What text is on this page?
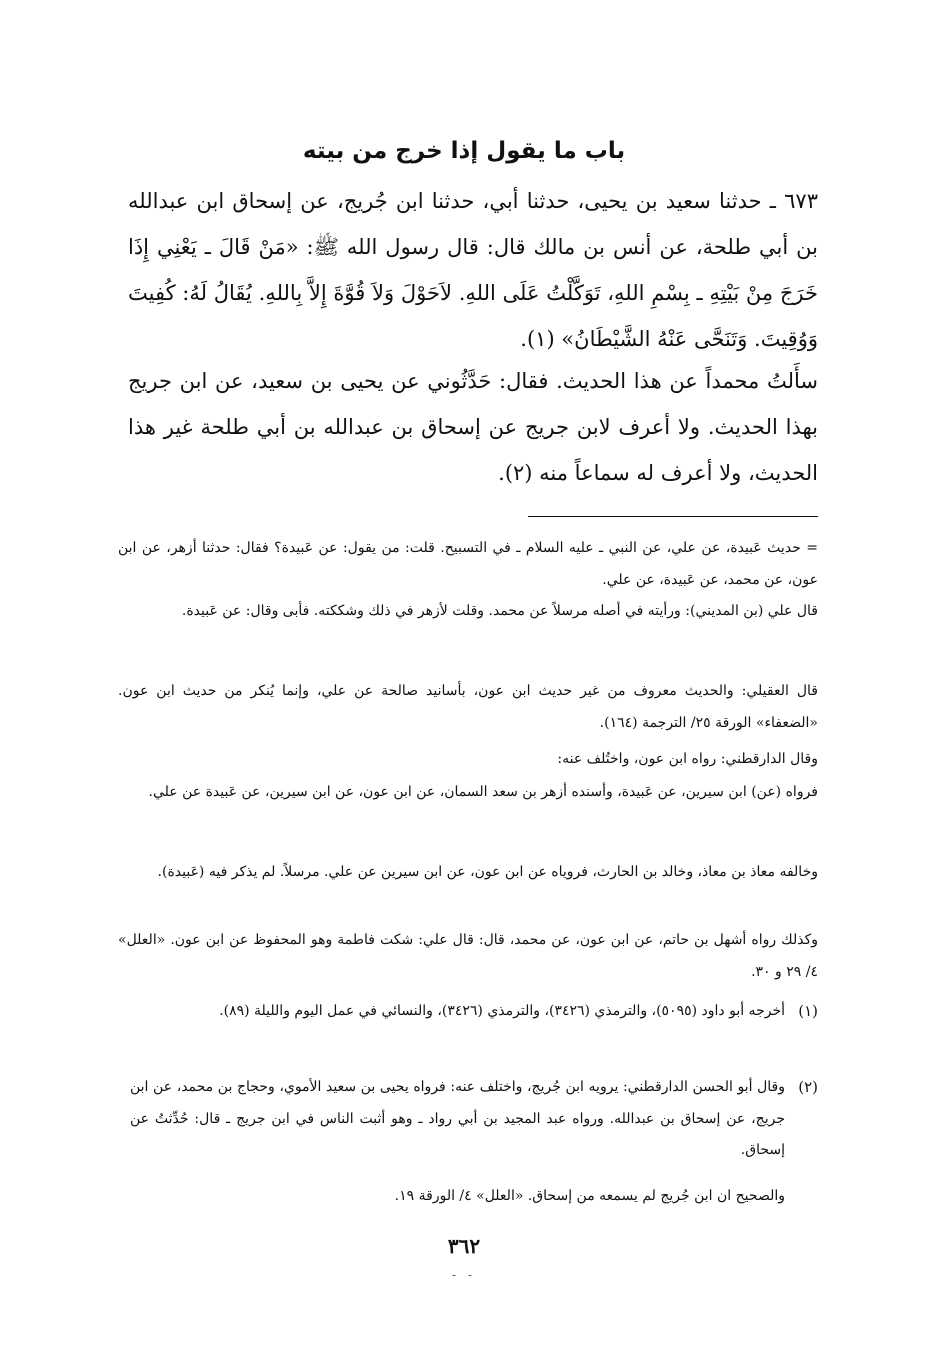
باب ما يقول إذا خرج من بيته

٦٧٣ ـ حدثنا سعيد بن يحيى، حدثنا أبي، حدثنا ابن جُريج، عن إسحاق ابن عبدالله بن أبي طلحة، عن أنس بن مالك قال: قال رسول الله ﷺ: «مَنْ قَالَ ـ يَعْنِي إِذَا خَرَجَ مِنْ بَيْتِهِ ـ بِسْمِ اللهِ، تَوَكَّلْتُ عَلَى اللهِ. لاَحَوْلَ وَلاَ قُوَّةَ إِلاَّ بِاللهِ. يُقَالُ لَهُ: كُفِيتَ وَوُقِيتَ. وَتَنَحَّى عَنْهُ الشَّيْطَانُ» (١).

سأَلتُ محمداً عن هذا الحديث. فقال: حَدَّثُوني عن يحيى بن سعيد، عن ابن جريج بهذا الحديث. ولا أعرف لابن جريج عن إسحاق بن عبدالله بن أبي طلحة غير هذا الحديث، ولا أعرف له سماعاً منه (٢).

= حديث عَبيدة، عن علي، عن النبي ـ عليه السلام ـ في التسبيح. قلت: من يقول: عن عَبيدة؟ فقال: حدثنا أزهر، عن ابن عون، عن محمد، عن عَبيدة، عن علي.

قال علي (بن المديني): ورأيته في أصله مرسلاً عن محمد. وقلت لأزهر في ذلك وشككته. فأبى وقال: عن عَبيدة.

قال العقيلي: والحديث معروف من غير حديث ابن عون، بأسانيد صالحة عن علي، وإنما يُنكر من حديث ابن عون. «الضعفاء» الورقة ٢٥/ الترجمة (١٦٤).

وقال الدارقطني: رواه ابن عون، واختُلف عنه:

فرواه (عن) ابن سيرين، عن عَبيدة، وأسنده أزهر بن سعد السمان، عن ابن عون، عن ابن سيرين، عن عَبيدة عن علي.

وخالفه معاذ بن معاذ، وخالد بن الحارث، فروياه عن ابن عون، عن ابن سيرين عن علي. مرسلاً. لم يذكر فيه (عَبيدة).

وكذلك رواه أشهل بن حاتم، عن ابن عون، عن محمد، قال: قال علي: شكت فاطمة وهو المحفوظ عن ابن عون. «العلل» ٤/ ٢٩ و ٣٠.

(١)

أخرجه أبو داود (٥٠٩٥)، والترمذي (٣٤٢٦)، والترمذي (٣٤٢٦)، والنسائي في عمل اليوم والليلة (٨٩).

(٢)

وقال أبو الحسن الدارقطني: يرويه ابن جُريج، واختلف عنه: فرواه يحيى بن سعيد الأموي، وحجاج بن محمد، عن ابن جريج، عن إسحاق بن عبدالله. ورواه عبد المجيد بن أبي رواد ـ وهو أثبت الناس في ابن جريج ـ قال: حُدِّثتُ عن إسحاق.

والصحيح ان ابن جُريج لم يسمعه من إسحاق. «العلل» ٤/ الورقة ١٩.

٣٦٢
- -
